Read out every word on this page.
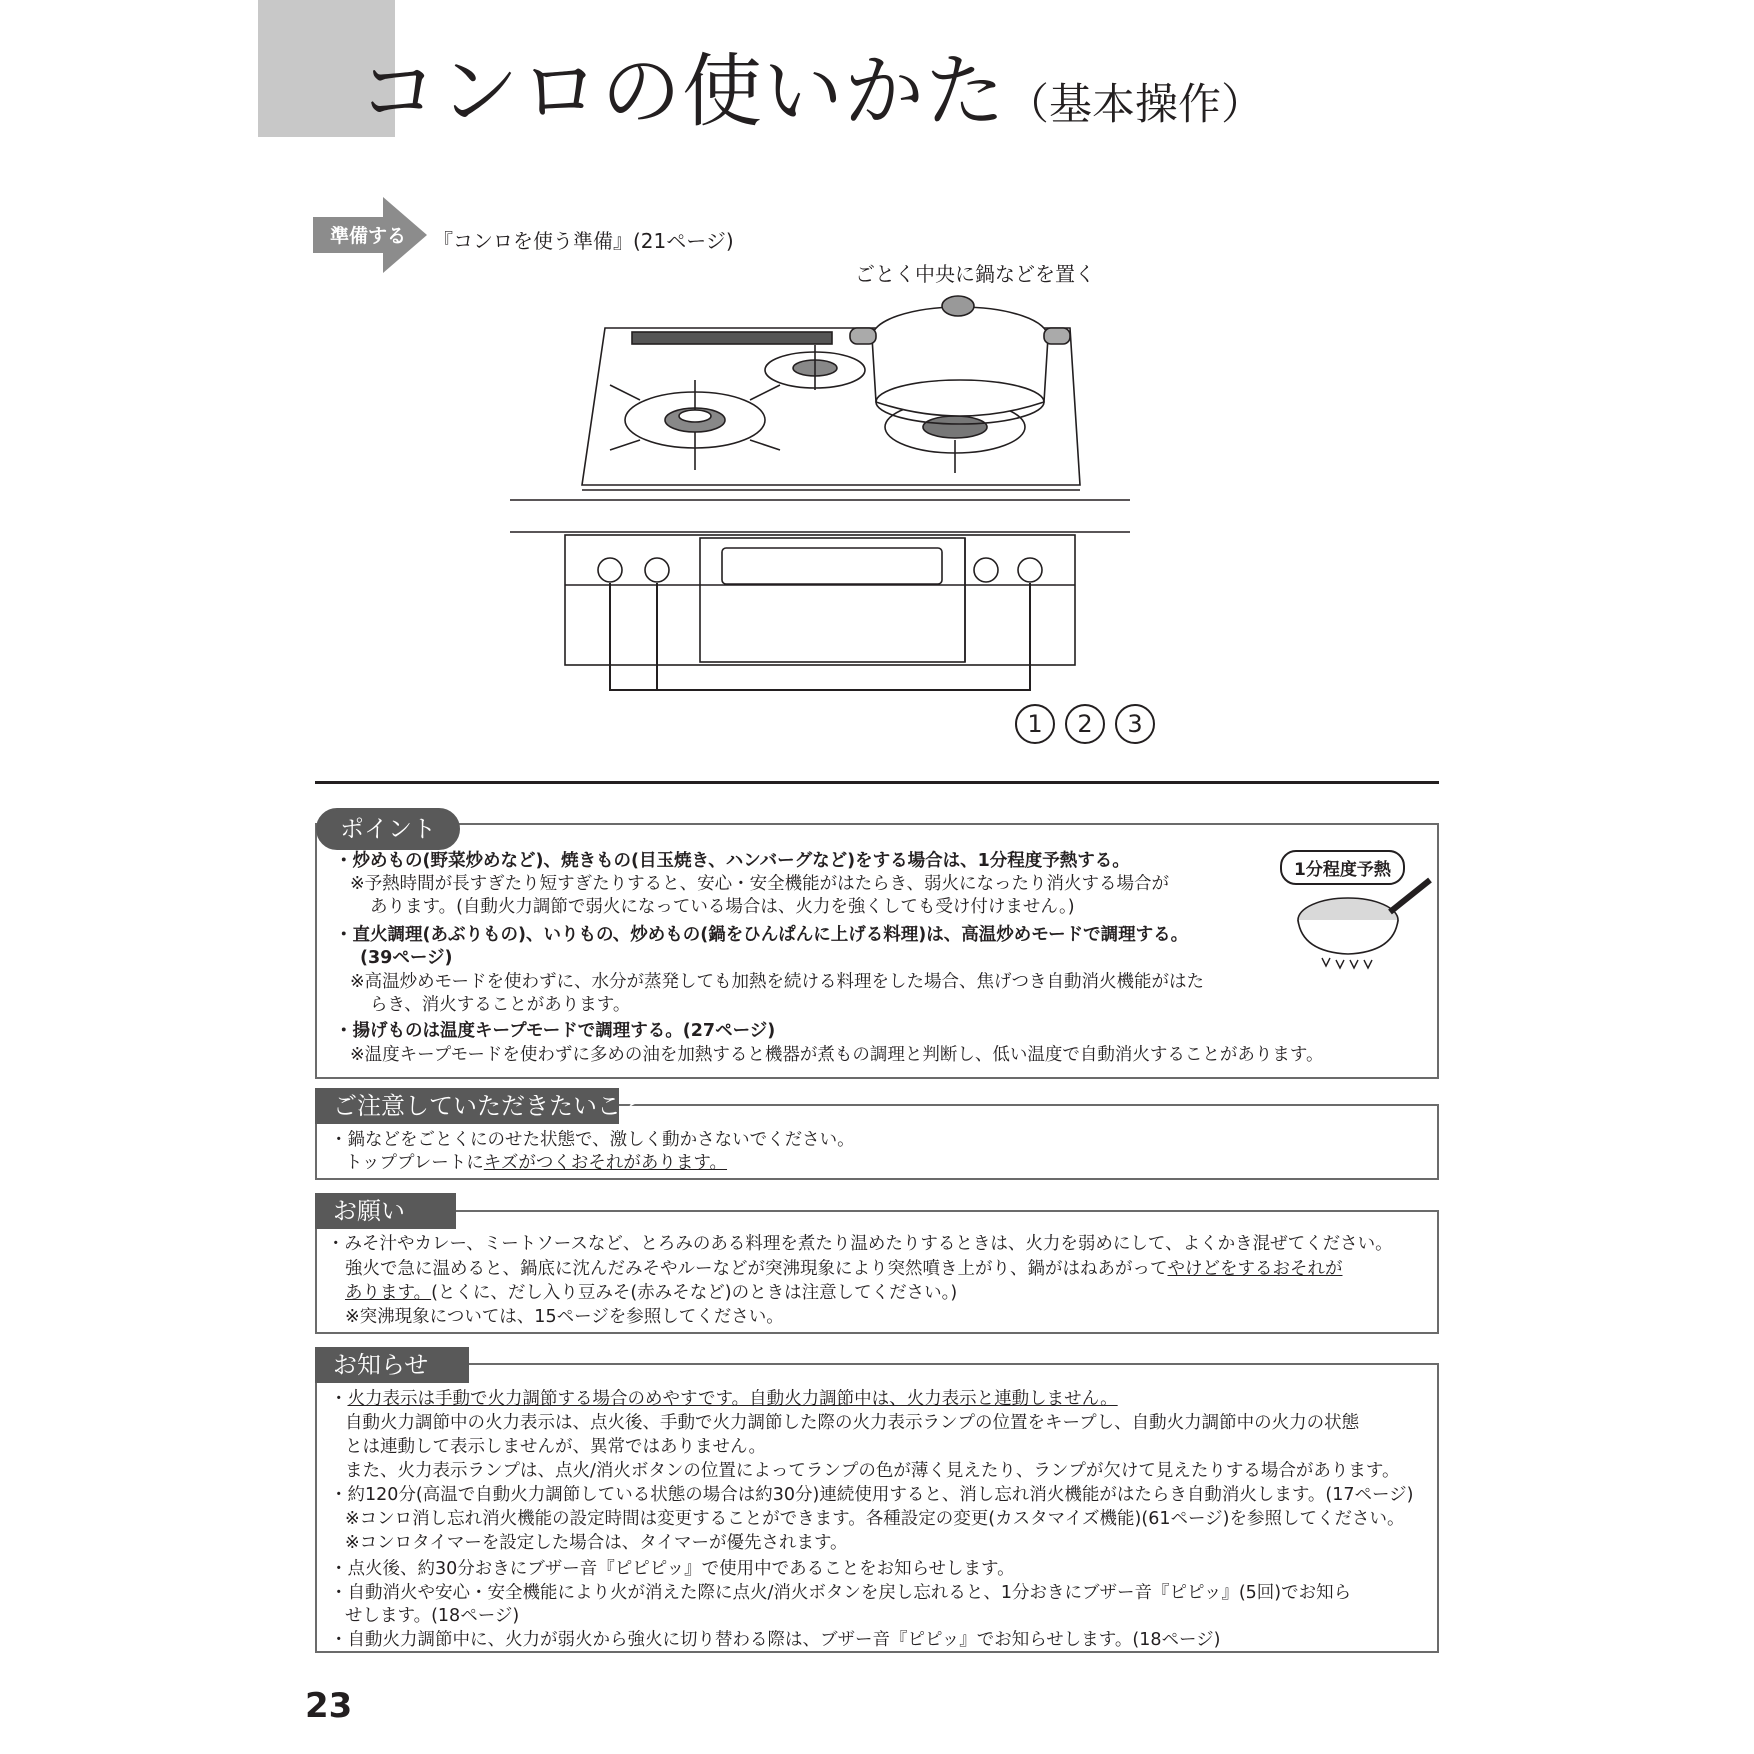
コンロの使いかた（基本操作）
準備する 『コンロを使う準備』(21ページ)
ごとく中央に鍋などを置く
1 2 3
ポイント
・炒めもの(野菜炒めなど)、焼きもの(目玉焼き、ハンバーグなど)をする場合は、1分程度予熱する。
※予熱時間が長すぎたり短すぎたりすると、安心・安全機能がはたらき、弱火になったり消火する場合が
あります。(自動火力調節で弱火になっている場合は、火力を強くしても受け付けません。)
・直火調理(あぶりもの)、いりもの、炒めもの(鍋をひんぱんに上げる料理)は、高温炒めモードで調理する。
(39ページ)
※高温炒めモードを使わずに、水分が蒸発しても加熱を続ける料理をした場合、焦げつき自動消火機能がはた
らき、消火することがあります。
・揚げものは温度キープモードで調理する。(27ページ)
※温度キープモードを使わずに多めの油を加熱すると機器が煮もの調理と判断し、低い温度で自動消火することがあります。
1分程度予熱
ご注意していただきたいこと
・鍋などをごとくにのせた状態で、激しく動かさないでください。
トッププレートにキズがつくおそれがあります。
お願い
・みそ汁やカレー、ミートソースなど、とろみのある料理を煮たり温めたりするときは、火力を弱めにして、よくかき混ぜてください。
強火で急に温めると、鍋底に沈んだみそやルーなどが突沸現象により突然噴き上がり、鍋がはねあがってやけどをするおそれが
あります。(とくに、だし入り豆みそ(赤みそなど)のときは注意してください。)
※突沸現象については、15ページを参照してください。
お知らせ
・火力表示は手動で火力調節する場合のめやすです。自動火力調節中は、火力表示と連動しません。
自動火力調節中の火力表示は、点火後、手動で火力調節した際の火力表示ランプの位置をキープし、自動火力調節中の火力の状態
とは連動して表示しませんが、異常ではありません。
また、火力表示ランプは、点火/消火ボタンの位置によってランプの色が薄く見えたり、ランプが欠けて見えたりする場合があります。
・約120分(高温で自動火力調節している状態の場合は約30分)連続使用すると、消し忘れ消火機能がはたらき自動消火します。(17ページ)
※コンロ消し忘れ消火機能の設定時間は変更することができます。各種設定の変更(カスタマイズ機能)(61ページ)を参照してください。
※コンロタイマーを設定した場合は、タイマーが優先されます。
・点火後、約30分おきにブザー音『ピピピッ』で使用中であることをお知らせします。
・自動消火や安心・安全機能により火が消えた際に点火/消火ボタンを戻し忘れると、1分おきにブザー音『ピピッ』(5回)でお知ら
せします。(18ページ)
・自動火力調節中に、火力が弱火から強火に切り替わる際は、ブザー音『ピピッ』でお知らせします。(18ページ)
23
